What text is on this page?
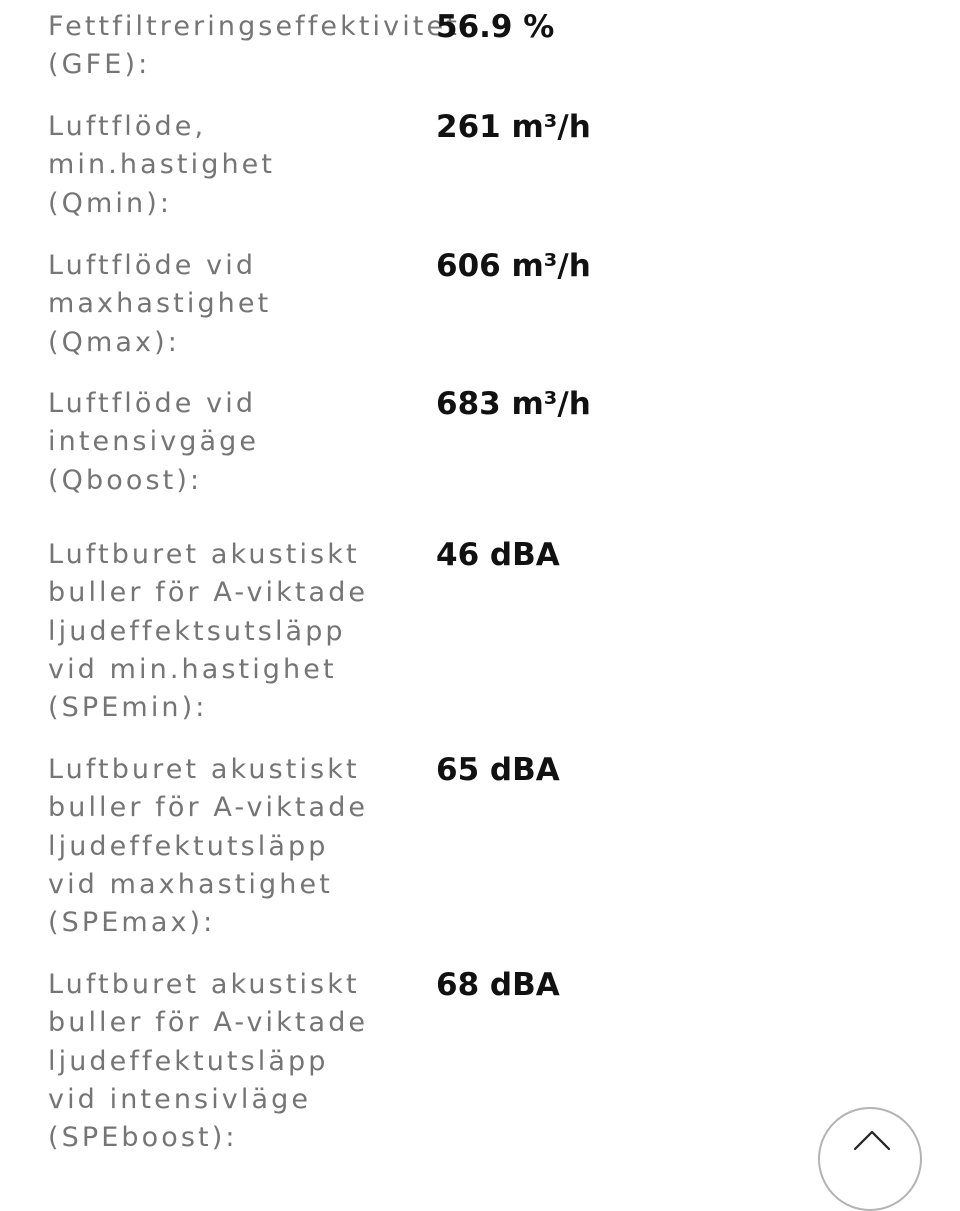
Fettfiltreringseffektivitet
(GFE):
56.9 %
Luftflöde,
min.hastighet
(Qmin):
261 m³/h
Luftflöde vid
maxhastighet
(Qmax):
606 m³/h
Luftflöde vid
intensivgäge
(Qboost):
683 m³/h
Luftburet akustiskt
buller för A-viktade
ljudeffektsutsläpp
vid min.hastighet
(SPEmin):
46 dBA
Luftburet akustiskt
buller för A-viktade
ljudeffektutsläpp
vid maxhastighet
(SPEmax):
65 dBA
Luftburet akustiskt
buller för A-viktade
ljudeffektutsläpp
vid intensivläge
(SPEboost):
68 dBA
